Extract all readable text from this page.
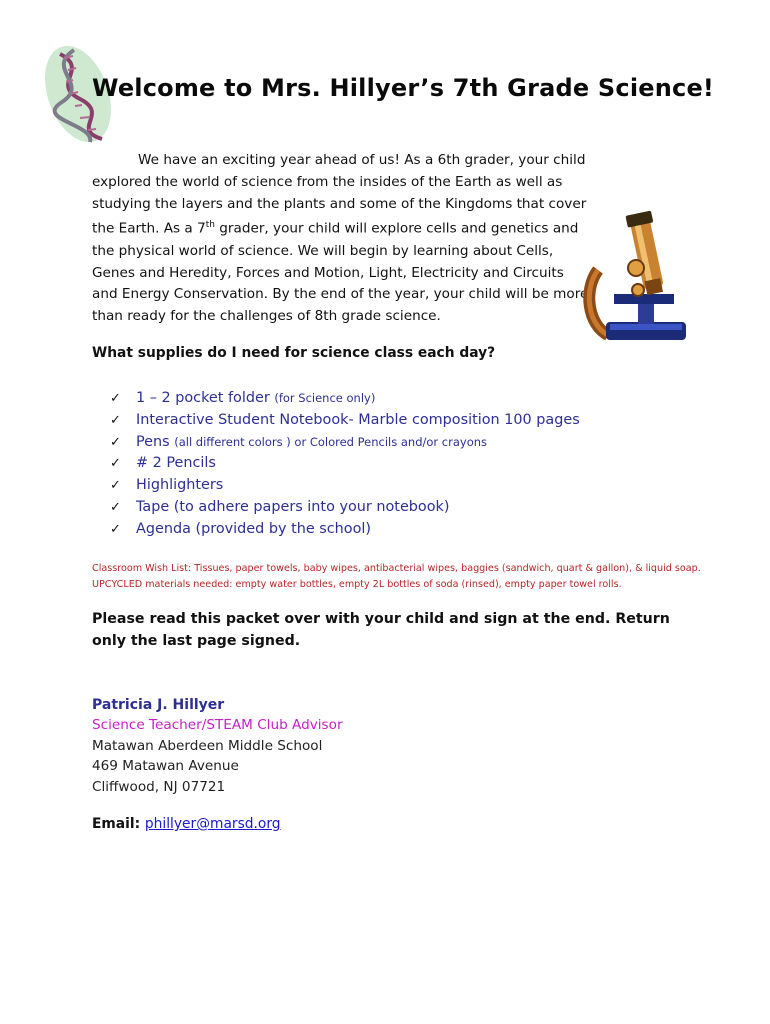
Welcome to Mrs. Hillyer’s 7th Grade Science!

We have an exciting year ahead of us! As a 6th grader, your child explored the world of science from the insides of the Earth as well as studying the layers and the plants and some of the Kingdoms that cover the Earth. As a 7th grader, your child will explore cells and genetics and the physical world of science. We will begin by learning about Cells, Genes and Heredity, Forces and Motion, Light, Electricity and Circuits and Energy Conservation. By the end of the year, your child will be more than ready for the challenges of 8th grade science.

What supplies do I need for science class each day?
✓ 1 – 2 pocket folder (for Science only)
✓ Interactive Student Notebook- Marble composition 100 pages
✓ Pens (all different colors ) or Colored Pencils and/or crayons
✓ # 2 Pencils
✓ Highlighters
✓ Tape (to adhere papers into your notebook)
✓ Agenda (provided by the school)
Classroom Wish List: Tissues, paper towels, baby wipes, antibacterial wipes, baggies (sandwich, quart & gallon), & liquid soap.
UPCYCLED materials needed: empty water bottles, empty 2L bottles of soda (rinsed), empty paper towel rolls.
Please read this packet over with your child and sign at the end. Return only the last page signed.
Patricia J. Hillyer
Science Teacher/STEAM Club Advisor
Matawan Aberdeen Middle School
469 Matawan Avenue
Cliffwood, NJ 07721
Email: phillyer@marsd.org
